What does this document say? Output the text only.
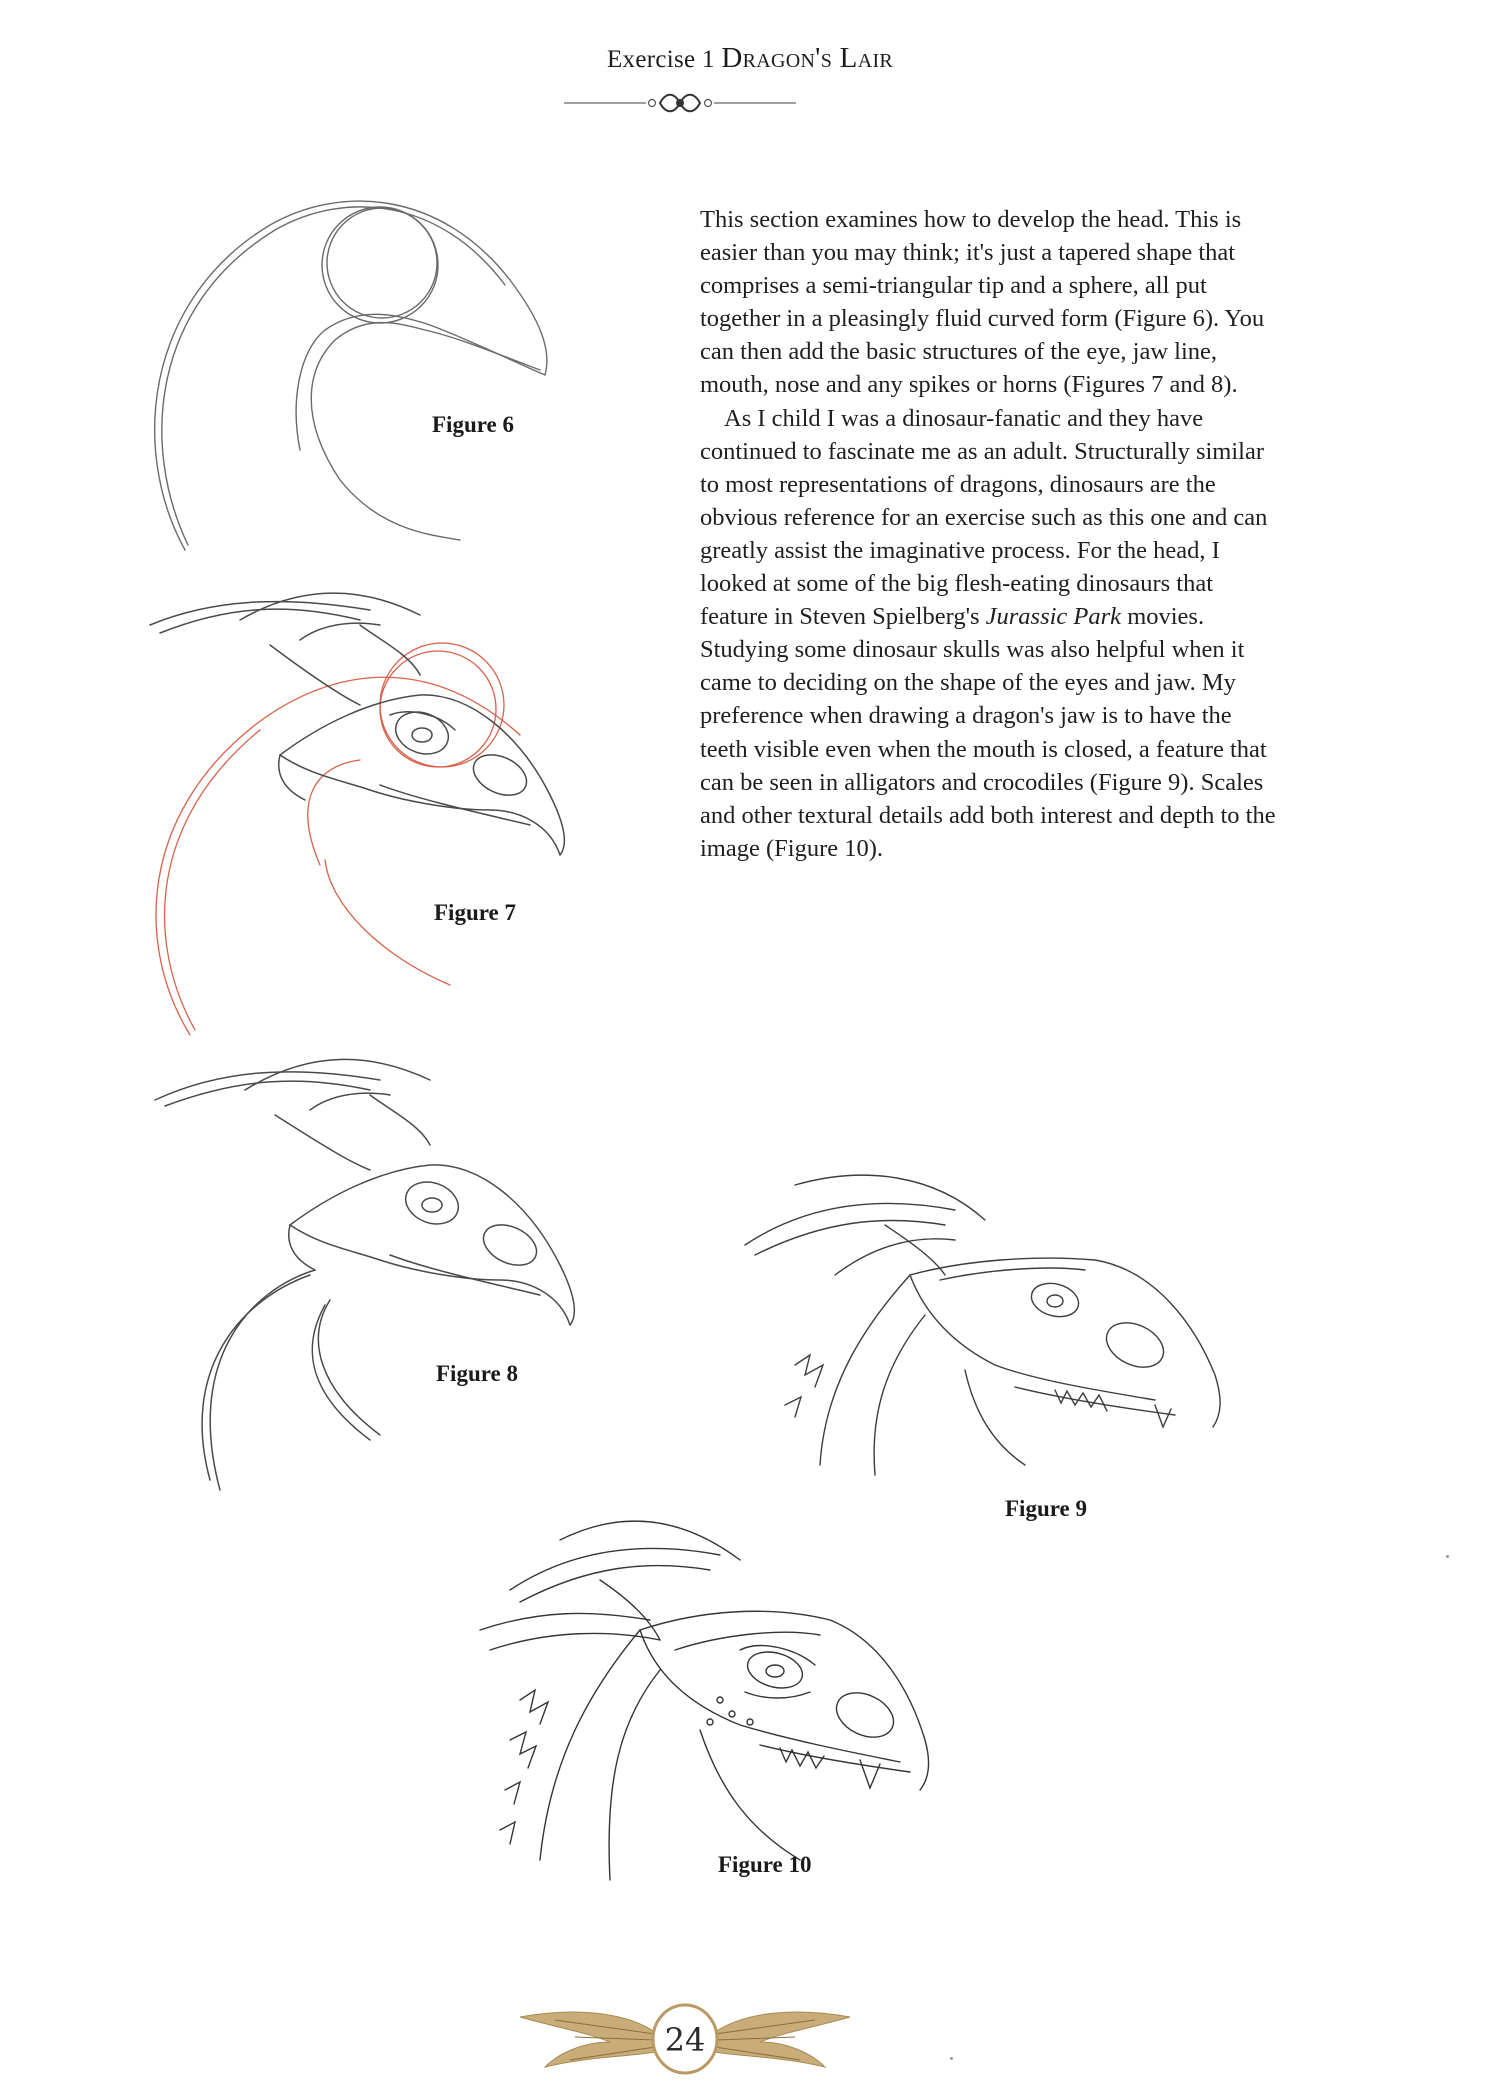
Exercise 1 Dragon's Lair

This section examines how to develop the head. This is easier than you may think; it's just a tapered shape that comprises a semi-triangular tip and a sphere, all put together in a pleasingly fluid curved form (Figure 6). You can then add the basic structures of the eye, jaw line, mouth, nose and any spikes or horns (Figures 7 and 8).

As I child I was a dinosaur-fanatic and they have continued to fascinate me as an adult. Structurally similar to most representations of dragons, dinosaurs are the obvious reference for an exercise such as this one and can greatly assist the imaginative process. For the head, I looked at some of the big flesh-eating dinosaurs that feature in Steven Spielberg's Jurassic Park movies. Studying some dinosaur skulls was also helpful when it came to deciding on the shape of the eyes and jaw. My preference when drawing a dragon's jaw is to have the teeth visible even when the mouth is closed, a feature that can be seen in alligators and crocodiles (Figure 9). Scales and other textural details add both interest and depth to the image (Figure 10).

Figure 6
Figure 7
Figure 8
Figure 9
Figure 10
24
